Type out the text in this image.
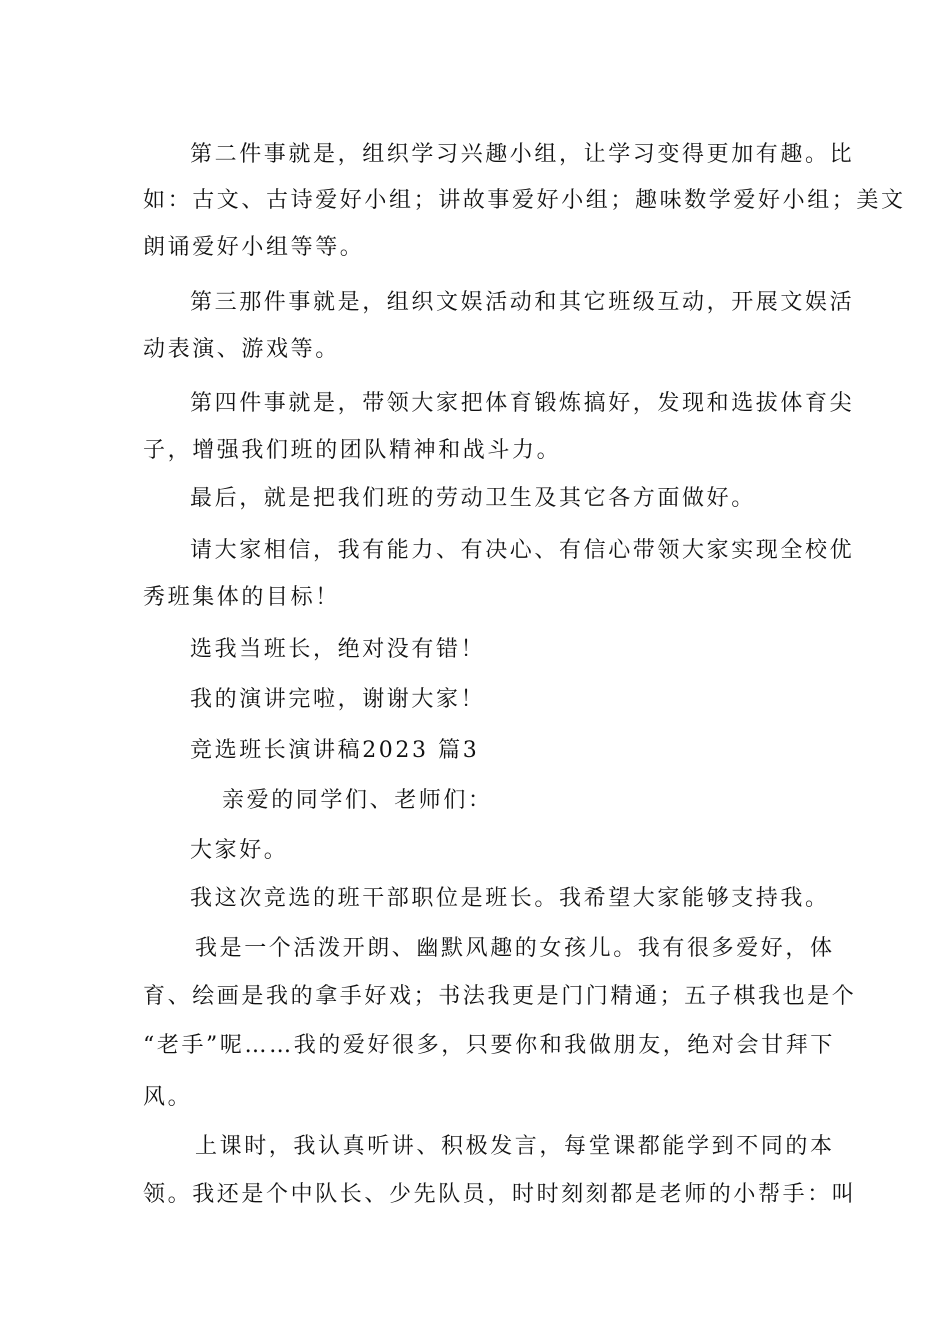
第二件事就是，组织学习兴趣小组，让学习变得更加有趣。比
如：古文、古诗爱好小组；讲故事爱好小组；趣味数学爱好小组；美文
朗诵爱好小组等等。
第三那件事就是，组织文娱活动和其它班级互动，开展文娱活
动表演、游戏等。
第四件事就是，带领大家把体育锻炼搞好，发现和选拔体育尖
子，增强我们班的团队精神和战斗力。
最后，就是把我们班的劳动卫生及其它各方面做好。
请大家相信，我有能力、有决心、有信心带领大家实现全校优
秀班集体的目标！
选我当班长，绝对没有错！
我的演讲完啦，谢谢大家！
竞选班长演讲稿2023 篇3
亲爱的同学们、老师们：
大家好。
我这次竞选的班干部职位是班长。我希望大家能够支持我。
我是一个活泼开朗、幽默风趣的女孩儿。我有很多爱好，体
育、绘画是我的拿手好戏；书法我更是门门精通；五子棋我也是个
“老手”呢……我的爱好很多，只要你和我做朋友，绝对会甘拜下
风。
上课时，我认真听讲、积极发言，每堂课都能学到不同的本
领。我还是个中队长、少先队员，时时刻刻都是老师的小帮手：叫
